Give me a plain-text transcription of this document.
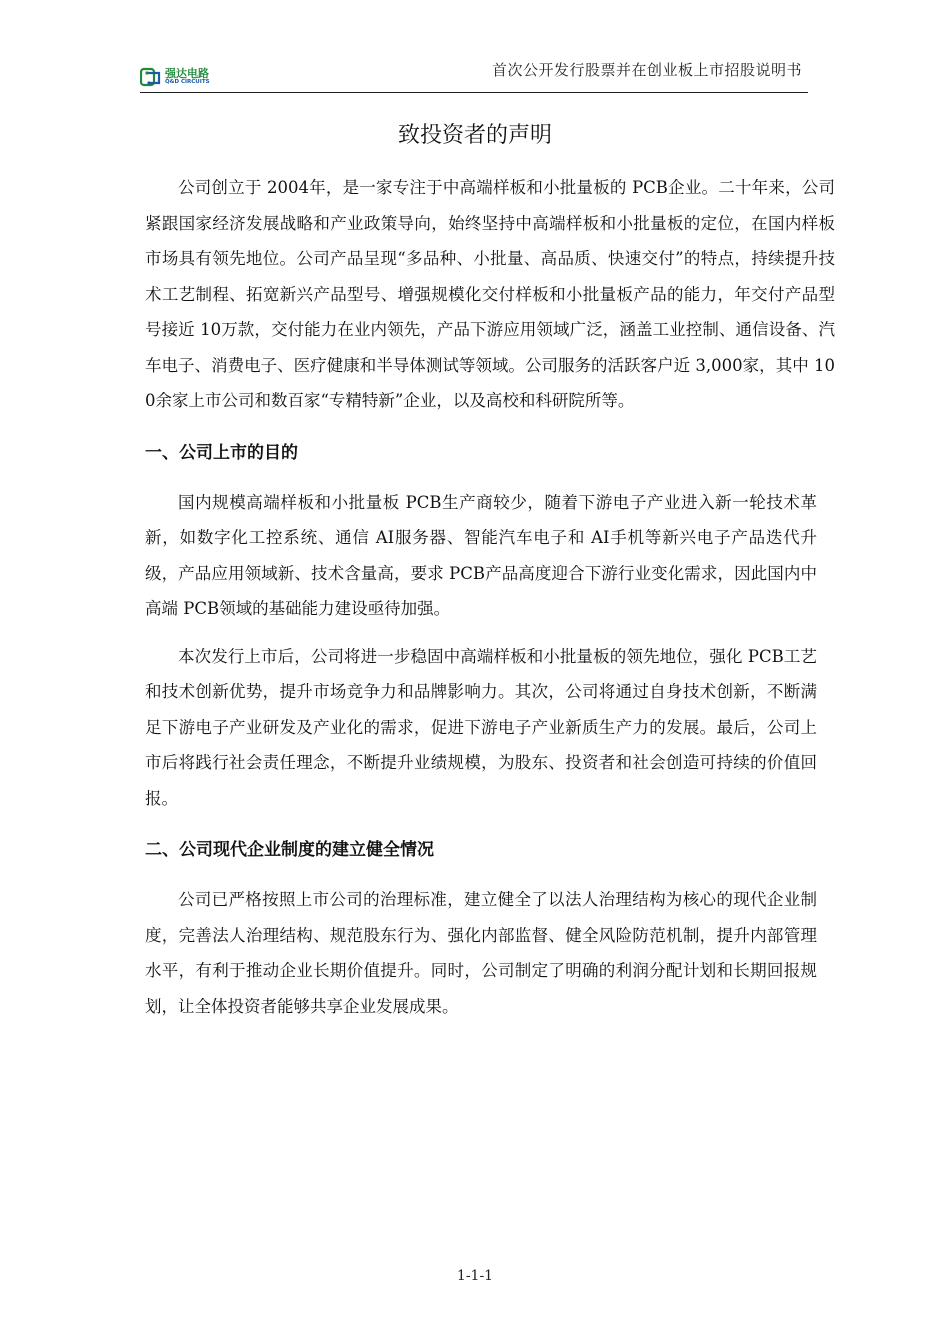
强达电路
Q&D CIRCUITS
首次公开发行股票并在创业板上市招股说明书
致投资者的声明

公司创立于 2004年，是一家专注于中高端样板和小批量板的 PCB企业。二十年来，公司紧跟国家经济发展战略和产业政策导向，始终坚持中高端样板和小批量板的定位，在国内样板市场具有领先地位。公司产品呈现“多品种、小批量、高品质、快速交付”的特点，持续提升技术工艺制程、拓宽新兴产品型号、增强规模化交付样板和小批量板产品的能力，年交付产品型号接近 10万款，交付能力在业内领先，产品下游应用领域广泛，涵盖工业控制、通信设备、汽车电子、消费电子、医疗健康和半导体测试等领域。公司服务的活跃客户近 3,000家，其中 100余家上市公司和数百家“专精特新”企业，以及高校和科研院所等。

一、公司上市的目的

国内规模高端样板和小批量板 PCB生产商较少，随着下游电子产业进入新一轮技术革新，如数字化工控系统、通信 AI服务器、智能汽车电子和 AI手机等新兴电子产品迭代升级，产品应用领域新、技术含量高，要求 PCB产品高度迎合下游行业变化需求，因此国内中高端 PCB领域的基础能力建设亟待加强。

本次发行上市后，公司将进一步稳固中高端样板和小批量板的领先地位，强化 PCB工艺和技术创新优势，提升市场竞争力和品牌影响力。其次，公司将通过自身技术创新，不断满足下游电子产业研发及产业化的需求，促进下游电子产业新质生产力的发展。最后，公司上市后将践行社会责任理念，不断提升业绩规模，为股东、投资者和社会创造可持续的价值回报。

二、公司现代企业制度的建立健全情况

公司已严格按照上市公司的治理标准，建立健全了以法人治理结构为核心的现代企业制度，完善法人治理结构、规范股东行为、强化内部监督、健全风险防范机制，提升内部管理水平，有利于推动企业长期价值提升。同时，公司制定了明确的利润分配计划和长期回报规划，让全体投资者能够共享企业发展成果。

1-1-1
